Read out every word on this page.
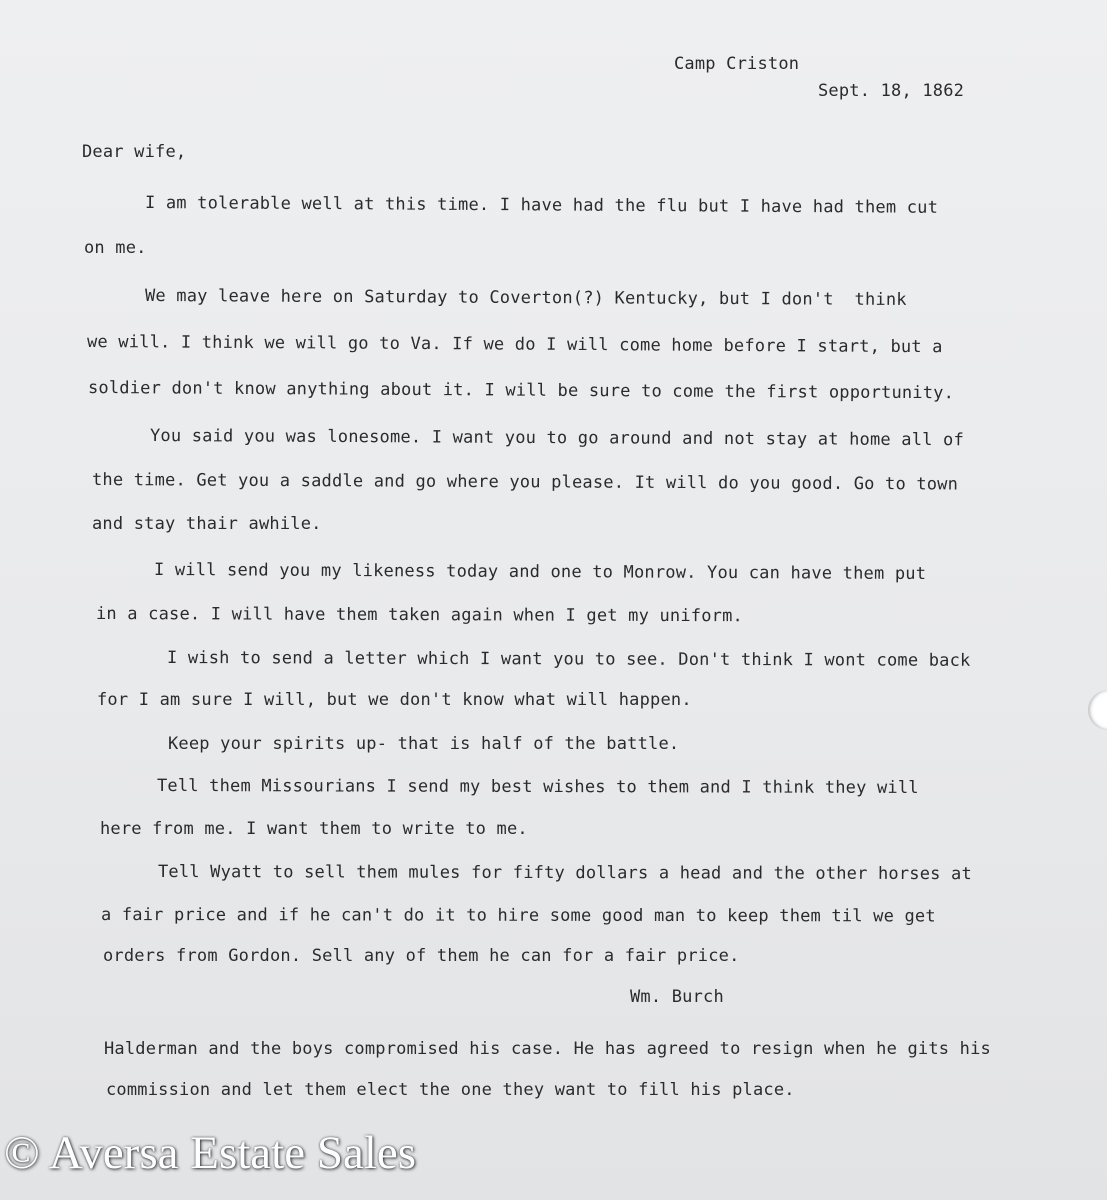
Camp Criston

Sept. 18, 1862

Dear wife,

I am tolerable well at this time. I have had the flu but I have had them cut

on me.

We may leave here on Saturday to Coverton(?) Kentucky, but I don't  think

we will. I think we will go to Va. If we do I will come home before I start, but a

soldier don't know anything about it. I will be sure to come the first opportunity.

You said you was lonesome. I want you to go around and not stay at home all of

the time. Get you a saddle and go where you please. It will do you good. Go to town

and stay thair awhile.

I will send you my likeness today and one to Monrow. You can have them put

in a case. I will have them taken again when I get my uniform.

I wish to send a letter which I want you to see. Don't think I wont come back

for I am sure I will, but we don't know what will happen.

Keep your spirits up- that is half of the battle.

Tell them Missourians I send my best wishes to them and I think they will

here from me. I want them to write to me.

Tell Wyatt to sell them mules for fifty dollars a head and the other horses at

a fair price and if he can't do it to hire some good man to keep them til we get

orders from Gordon. Sell any of them he can for a fair price.

Wm. Burch

Halderman and the boys compromised his case. He has agreed to resign when he gits his

commission and let them elect the one they want to fill his place.

© Aversa Estate Sales
